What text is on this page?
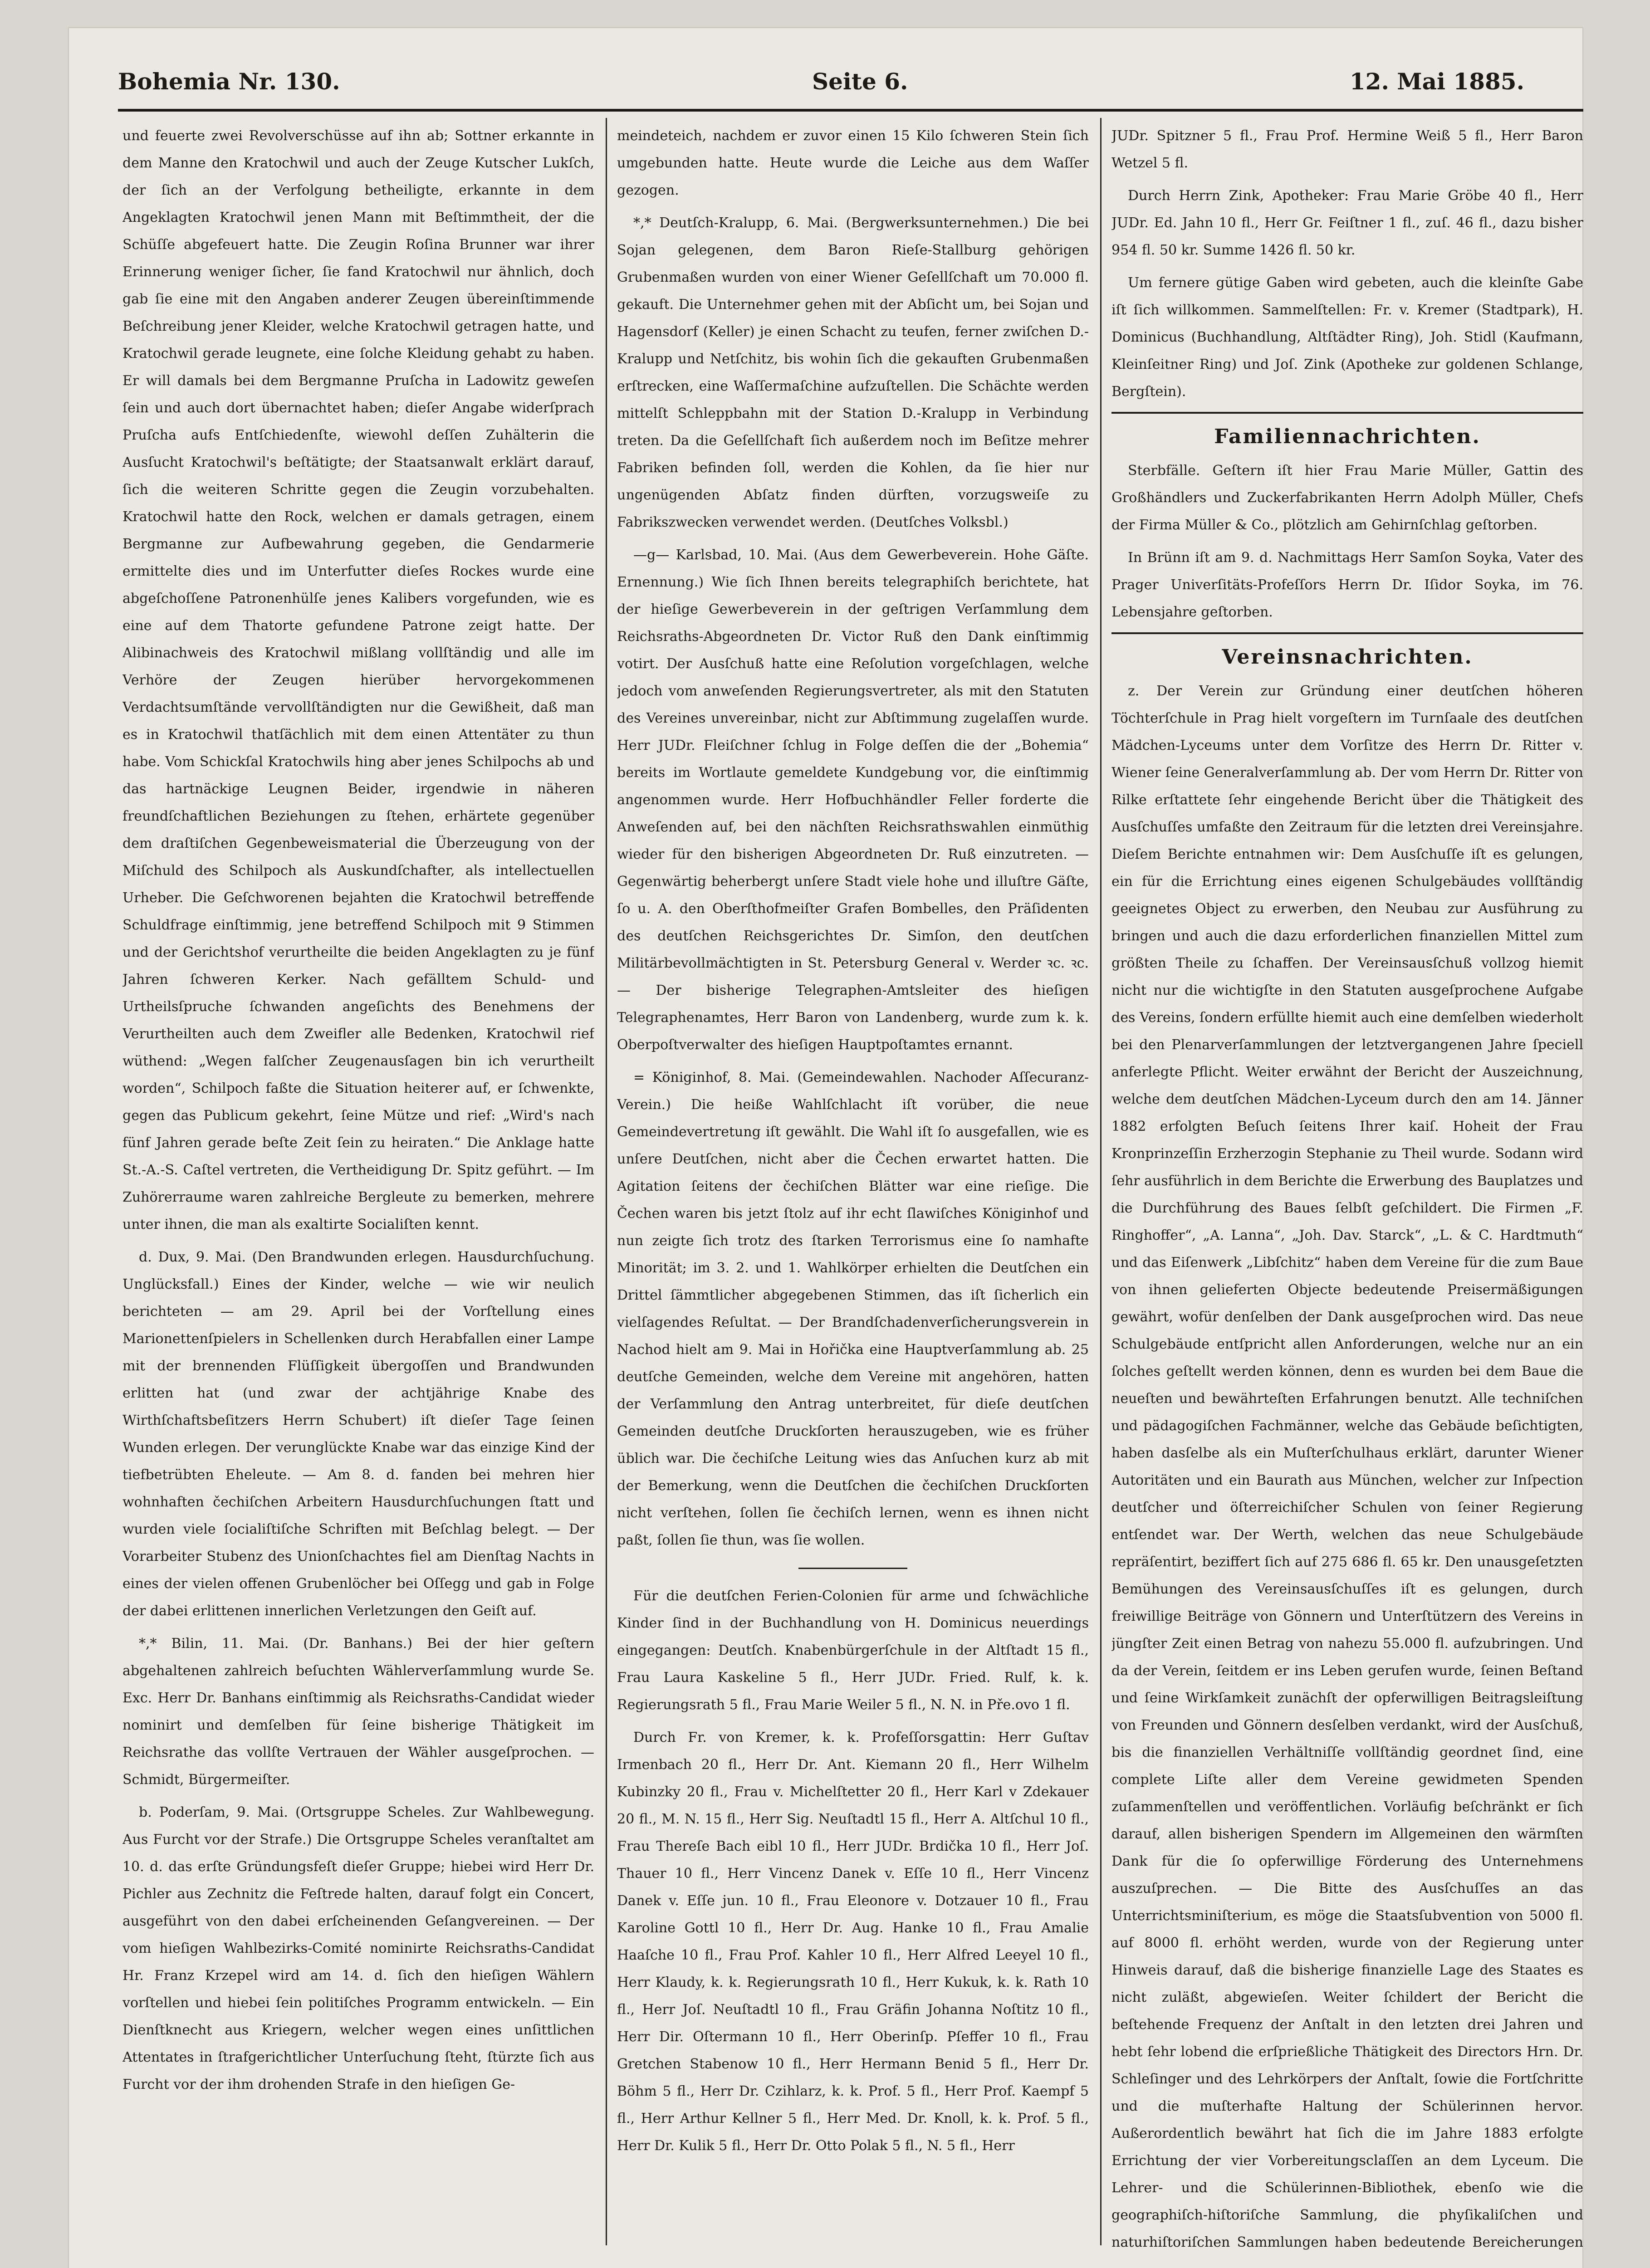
Bohemia Nr. 130.	Seite 6.	12. Mai 1885.

und feuerte zwei Revolverschüsse auf ihn ab; Sottner erkannte in dem Manne den Kratochwil und auch der Zeuge Kutscher Lukſch, der ſich an der Verfolgung betheiligte, erkannte in dem Angeklagten Kratochwil jenen Mann mit Beſtimmtheit, der die Schüſſe abgefeuert hatte. Die Zeugin Roſina Brunner war ihrer Erinnerung weniger ſicher, ſie fand Kratochwil nur ähnlich, doch gab ſie eine mit den Angaben anderer Zeugen übereinſtimmende Beſchreibung jener Kleider, welche Kratochwil getragen hatte, und Kratochwil gerade leugnete, eine ſolche Kleidung gehabt zu haben. Er will damals bei dem Bergmanne Pruſcha in Ladowitz geweſen ſein und auch dort übernachtet haben; dieſer Angabe widerſprach Pruſcha aufs Entſchiedenſte, wiewohl deſſen Zuhälterin die Ausſucht Kratochwil's beſtätigte; der Staatsanwalt erklärt darauf, ſich die weiteren Schritte gegen die Zeugin vorzubehalten. Kratochwil hatte den Rock, welchen er damals getragen, einem Bergmanne zur Aufbewahrung gegeben, die Gendarmerie ermittelte dies und im Unterfutter dieſes Rockes wurde eine abgeſchoſſene Patronenhülſe jenes Kalibers vorgefunden, wie es eine auf dem Thatorte gefundene Patrone zeigt hatte. Der Alibinachweis des Kratochwil mißlang vollſtändig und alle im Verhöre der Zeugen hierüber hervorgekommenen Verdachtsumſtände vervollſtändigten nur die Gewißheit, daß man es in Kratochwil thatſächlich mit dem einen Attentäter zu thun habe. Vom Schickſal Kratochwils hing aber jenes Schilpochs ab und das hartnäckige Leugnen Beider, irgendwie in näheren freundſchaftlichen Beziehungen zu ſtehen, erhärtete gegenüber dem draſtiſchen Gegenbeweismaterial die Überzeugung von der Miſchuld des Schilpoch als Auskundſchafter, als intellectuellen Urheber. Die Geſchworenen bejahten die Kratochwil betreffende Schuldfrage einſtimmig, jene betreffend Schilpoch mit 9 Stimmen und der Gerichtshof verurtheilte die beiden Angeklagten zu je fünf Jahren ſchweren Kerker. Nach gefälltem Schuld- und Urtheilsſpruche ſchwanden angeſichts des Benehmens der Verurtheilten auch dem Zweifler alle Bedenken, Kratochwil rief wüthend: „Wegen falſcher Zeugenausſagen bin ich verurtheilt worden“, Schilpoch faßte die Situation heiterer auf, er ſchwenkte, gegen das Publicum gekehrt, ſeine Mütze und rief: „Wird's nach fünf Jahren gerade beſte Zeit ſein zu heiraten.“ Die Anklage hatte St.-A.-S. Caſtel vertreten, die Vertheidigung Dr. Spitz geführt. — Im Zuhörerraume waren zahlreiche Bergleute zu bemerken, mehrere unter ihnen, die man als exaltirte Socialiſten kennt.

d. Dux, 9. Mai. (Den Brandwunden erlegen. Hausdurchſuchung. Unglücksfall.) Eines der Kinder, welche — wie wir neulich berichteten — am 29. April bei der Vorſtellung eines Marionettenſpielers in Schellenken durch Herabfallen einer Lampe mit der brennenden Flüſſigkeit übergoſſen und Brandwunden erlitten hat (und zwar der achtjährige Knabe des Wirthſchaftsbeſitzers Herrn Schubert) iſt dieſer Tage ſeinen Wunden erlegen. Der verunglückte Knabe war das einzige Kind der tiefbetrübten Eheleute. — Am 8. d. fanden bei mehren hier wohnhaften čechiſchen Arbeitern Hausdurchſuchungen ſtatt und wurden viele ſocialiſtiſche Schriften mit Beſchlag belegt. — Der Vorarbeiter Stubenz des Unionſchachtes fiel am Dienſtag Nachts in eines der vielen offenen Grubenlöcher bei Oſſegg und gab in Folge der dabei erlittenen innerlichen Verletzungen den Geiſt auf.

*,* Bilin, 11. Mai. (Dr. Banhans.) Bei der hier geſtern abgehaltenen zahlreich beſuchten Wählerverſammlung wurde Se. Exc. Herr Dr. Banhans einſtimmig als Reichsraths-Candidat wieder nominirt und demſelben für ſeine bisherige Thätigkeit im Reichsrathe das vollſte Vertrauen der Wähler ausgeſprochen. — Schmidt, Bürgermeiſter.

b. Poderſam, 9. Mai. (Ortsgruppe Scheles. Zur Wahlbewegung. Aus Furcht vor der Strafe.) Die Ortsgruppe Scheles veranſtaltet am 10. d. das erſte Gründungsfeſt dieſer Gruppe; hiebei wird Herr Dr. Pichler aus Zechnitz die Feſtrede halten, darauf folgt ein Concert, ausgeführt von den dabei erſcheinenden Geſangvereinen. — Der vom hieſigen Wahlbezirks-Comité nominirte Reichsraths-Candidat Hr. Franz Krzepel wird am 14. d. ſich den hieſigen Wählern vorſtellen und hiebei ſein politiſches Programm entwickeln. — Ein Dienſtknecht aus Kriegern, welcher wegen eines unſittlichen Attentates in ſtrafgerichtlicher Unterſuchung ſteht, ſtürzte ſich aus Furcht vor der ihm drohenden Strafe in den hieſigen Ge-

meindeteich, nachdem er zuvor einen 15 Kilo ſchweren Stein ſich umgebunden hatte. Heute wurde die Leiche aus dem Waſſer gezogen.

*,* Deutſch-Kralupp, 6. Mai. (Bergwerksunternehmen.) Die bei Sojan gelegenen, dem Baron Rieſe-Stallburg gehörigen Grubenmaßen wurden von einer Wiener Geſellſchaft um 70.000 fl. gekauft. Die Unternehmer gehen mit der Abſicht um, bei Sojan und Hagensdorf (Keller) je einen Schacht zu teufen, ferner zwiſchen D.-Kralupp und Netſchitz, bis wohin ſich die gekauften Grubenmaßen erſtrecken, eine Waſſermaſchine aufzuſtellen. Die Schächte werden mittelſt Schleppbahn mit der Station D.-Kralupp in Verbindung treten. Da die Geſellſchaft ſich außerdem noch im Beſitze mehrer Fabriken befinden ſoll, werden die Kohlen, da ſie hier nur ungenügenden Abſatz finden dürften, vorzugsweiſe zu Fabrikszwecken verwendet werden. (Deutſches Volksbl.)

—g— Karlsbad, 10. Mai. (Aus dem Gewerbeverein. Hohe Gäſte. Ernennung.) Wie ſich Ihnen bereits telegraphiſch berichtete, hat der hieſige Gewerbeverein in der geſtrigen Verſammlung dem Reichsraths-Abgeordneten Dr. Victor Ruß den Dank einſtimmig votirt. Der Ausſchuß hatte eine Reſolution vorgeſchlagen, welche jedoch vom anweſenden Regierungsvertreter, als mit den Statuten des Vereines unvereinbar, nicht zur Abſtimmung zugelaſſen wurde. Herr JUDr. Fleiſchner ſchlug in Folge deſſen die der „Bohemia“ bereits im Wortlaute gemeldete Kundgebung vor, die einſtimmig angenommen wurde. Herr Hofbuchhändler Feller forderte die Anweſenden auf, bei den nächſten Reichsrathswahlen einmüthig wieder für den bisherigen Abgeordneten Dr. Ruß einzutreten. — Gegenwärtig beherbergt unſere Stadt viele hohe und illuſtre Gäſte, ſo u. A. den Oberſthofmeiſter Grafen Bombelles, den Präſidenten des deutſchen Reichsgerichtes Dr. Simſon, den deutſchen Militärbevollmächtigten in St. Petersburg General v. Werder ꝛc. ꝛc. — Der bisherige Telegraphen-Amtsleiter des hieſigen Telegraphenamtes, Herr Baron von Landenberg, wurde zum k. k. Oberpoſtverwalter des hieſigen Hauptpoſtamtes ernannt.

= Königinhof, 8. Mai. (Gemeindewahlen. Nachoder Aſſecuranz-Verein.) Die heiße Wahlſchlacht iſt vorüber, die neue Gemeindevertretung iſt gewählt. Die Wahl iſt ſo ausgefallen, wie es unſere Deutſchen, nicht aber die Čechen erwartet hatten. Die Agitation ſeitens der čechiſchen Blätter war eine rieſige. Die Čechen waren bis jetzt ſtolz auf ihr echt ſlawiſches Königinhof und nun zeigte ſich trotz des ſtarken Terrorismus eine ſo namhafte Minorität; im 3. 2. und 1. Wahlkörper erhielten die Deutſchen ein Drittel ſämmtlicher abgegebenen Stimmen, das iſt ſicherlich ein vielſagendes Reſultat. — Der Brandſchadenverſicherungsverein in Nachod hielt am 9. Mai in Hořička eine Hauptverſammlung ab. 25 deutſche Gemeinden, welche dem Vereine mit angehören, hatten der Verſammlung den Antrag unterbreitet, für dieſe deutſchen Gemeinden deutſche Druckſorten herauszugeben, wie es früher üblich war. Die čechiſche Leitung wies das Anſuchen kurz ab mit der Bemerkung, wenn die Deutſchen die čechiſchen Druckſorten nicht verſtehen, ſollen ſie čechiſch lernen, wenn es ihnen nicht paßt, ſollen ſie thun, was ſie wollen.

Für die deutſchen Ferien-Colonien für arme und ſchwächliche Kinder ſind in der Buchhandlung von H. Dominicus neuerdings eingegangen: Deutſch. Knabenbürgerſchule in der Altſtadt 15 fl., Frau Laura Kaskeline 5 fl., Herr JUDr. Fried. Rulf, k. k. Regierungsrath 5 fl., Frau Marie Weiler 5 fl., N. N. in Pře.ovo 1 fl.

Durch Fr. von Kremer, k. k. Profeſſorsgattin: Herr Guſtav Irmenbach 20 fl., Herr Dr. Ant. Kiemann 20 fl., Herr Wilhelm Kubinzky 20 fl., Frau v. Michelſtetter 20 fl., Herr Karl v Zdekauer 20 fl., M. N. 15 fl., Herr Sig. Neuſtadtl 15 fl., Herr A. Altſchul 10 fl., Frau Thereſe Bach eibl 10 fl., Herr JUDr. Brdička 10 fl., Herr Joſ. Thauer 10 fl., Herr Vincenz Danek v. Eſſe 10 fl., Herr Vincenz Danek v. Eſſe jun. 10 fl., Frau Eleonore v. Dotzauer 10 fl., Frau Karoline Gottl 10 fl., Herr Dr. Aug. Hanke 10 fl., Frau Amalie Haaſche 10 fl., Frau Prof. Kahler 10 fl., Herr Alfred Leeyel 10 fl., Herr Klaudy, k. k. Regierungsrath 10 fl., Herr Kukuk, k. k. Rath 10 fl., Herr Joſ. Neuſtadtl 10 fl., Frau Gräfin Johanna Noſtitz 10 fl., Herr Dir. Oſtermann 10 fl., Herr Oberinſp. Pſeffer 10 fl., Frau Gretchen Stabenow 10 fl., Herr Hermann Benid 5 fl., Herr Dr. Böhm 5 fl., Herr Dr. Czihlarz, k. k. Prof. 5 fl., Herr Prof. Kaempf 5 fl., Herr Arthur Kellner 5 fl., Herr Med. Dr. Knoll, k. k. Prof. 5 fl., Herr Dr. Kulik 5 fl., Herr Dr. Otto Polak 5 fl., N. 5 fl., Herr

JUDr. Spitzner 5 fl., Frau Prof. Hermine Weiß 5 fl., Herr Baron Wetzel 5 fl.

Durch Herrn Zink, Apotheker: Frau Marie Gröbe 40 fl., Herr JUDr. Ed. Jahn 10 fl., Herr Gr. Feiſtner 1 fl., zuſ. 46 fl., dazu bisher 954 fl. 50 kr. Summe 1426 fl. 50 kr.

Um fernere gütige Gaben wird gebeten, auch die kleinſte Gabe iſt ſich willkommen. Sammelſtellen: Fr. v. Kremer (Stadtpark), H. Dominicus (Buchhandlung, Altſtädter Ring), Joh. Stidl (Kaufmann, Kleinſeitner Ring) und Joſ. Zink (Apotheke zur goldenen Schlange, Bergſtein).

Familiennachrichten.

Sterbfälle. Geſtern iſt hier Frau Marie Müller, Gattin des Großhändlers und Zuckerfabrikanten Herrn Adolph Müller, Chefs der Firma Müller & Co., plötzlich am Gehirnſchlag geſtorben.

In Brünn iſt am 9. d. Nachmittags Herr Samſon Soyka, Vater des Prager Univerſitäts-Profeſſors Herrn Dr. Iſidor Soyka, im 76. Lebensjahre geſtorben.

Vereinsnachrichten.

z. Der Verein zur Gründung einer deutſchen höheren Töchterſchule in Prag hielt vorgeſtern im Turnſaale des deutſchen Mädchen-Lyceums unter dem Vorſitze des Herrn Dr. Ritter v. Wiener ſeine Generalverſammlung ab. Der vom Herrn Dr. Ritter von Rilke erſtattete ſehr eingehende Bericht über die Thätigkeit des Ausſchuſſes umfaßte den Zeitraum für die letzten drei Vereinsjahre. Dieſem Berichte entnahmen wir: Dem Ausſchuſſe iſt es gelungen, ein für die Errichtung eines eigenen Schulgebäudes vollſtändig geeignetes Object zu erwerben, den Neubau zur Ausführung zu bringen und auch die dazu erforderlichen finanziellen Mittel zum größten Theile zu ſchaffen. Der Vereinsausſchuß vollzog hiemit nicht nur die wichtigſte in den Statuten ausgeſprochene Aufgabe des Vereins, ſondern erfüllte hiemit auch eine demſelben wiederholt bei den Plenarverſammlungen der letztvergangenen Jahre ſpeciell anferlegte Pflicht. Weiter erwähnt der Bericht der Auszeichnung, welche dem deutſchen Mädchen-Lyceum durch den am 14. Jänner 1882 erfolgten Beſuch ſeitens Ihrer kaiſ. Hoheit der Frau Kronprinzeſſin Erzherzogin Stephanie zu Theil wurde. Sodann wird ſehr ausführlich in dem Berichte die Erwerbung des Bauplatzes und die Durchführung des Baues ſelbſt geſchildert. Die Firmen „F. Ringhoffer“, „A. Lanna“, „Joh. Dav. Starck“, „L. & C. Hardtmuth“ und das Eiſenwerk „Libſchitz“ haben dem Vereine für die zum Baue von ihnen gelieferten Objecte bedeutende Preisermäßigungen gewährt, wofür denſelben der Dank ausgeſprochen wird. Das neue Schulgebäude entſpricht allen Anforderungen, welche nur an ein ſolches geſtellt werden können, denn es wurden bei dem Baue die neueſten und bewährteſten Erfahrungen benutzt. Alle techniſchen und pädagogiſchen Fachmänner, welche das Gebäude beſichtigten, haben dasſelbe als ein Muſterſchulhaus erklärt, darunter Wiener Autoritäten und ein Baurath aus München, welcher zur Inſpection deutſcher und öſterreichiſcher Schulen von ſeiner Regierung entſendet war. Der Werth, welchen das neue Schulgebäude repräſentirt, beziffert ſich auf 275 686 fl. 65 kr. Den unausgeſetzten Bemühungen des Vereinsausſchuſſes iſt es gelungen, durch freiwillige Beiträge von Gönnern und Unterſtützern des Vereins in jüngſter Zeit einen Betrag von nahezu 55.000 fl. aufzubringen. Und da der Verein, ſeitdem er ins Leben gerufen wurde, ſeinen Beſtand und ſeine Wirkſamkeit zunächſt der opferwilligen Beitragsleiſtung von Freunden und Gönnern desſelben verdankt, wird der Ausſchuß, bis die finanziellen Verhältniſſe vollſtändig geordnet ſind, eine complete Liſte aller dem Vereine gewidmeten Spenden zuſammenſtellen und veröffentlichen. Vorläufig beſchränkt er ſich darauf, allen bisherigen Spendern im Allgemeinen den wärmſten Dank für die ſo opferwillige Förderung des Unternehmens auszuſprechen. — Die Bitte des Ausſchuſſes an das Unterrichtsminiſterium, es möge die Staatsſubvention von 5000 fl. auf 8000 fl. erhöht werden, wurde von der Regierung unter Hinweis darauf, daß die bisherige finanzielle Lage des Staates es nicht zuläßt, abgewieſen. Weiter ſchildert der Bericht die beſtehende Frequenz der Anſtalt in den letzten drei Jahren und hebt ſehr lobend die erſprießliche Thätigkeit des Directors Hrn. Dr. Schleſinger und des Lehrkörpers der Anſtalt, ſowie die Fortſchritte und die muſterhafte Haltung der Schülerinnen hervor. Außerordentlich bewährt hat ſich die im Jahre 1883 erfolgte Errichtung der vier Vorbereitungsclaſſen an dem Lyceum. Die Lehrer- und die Schülerinnen-Bibliothek, ebenſo wie die geographiſch-hiſtoriſche Sammlung, die phyſikaliſchen und naturhiſtoriſchen Sammlungen haben bedeutende Bereicherungen
